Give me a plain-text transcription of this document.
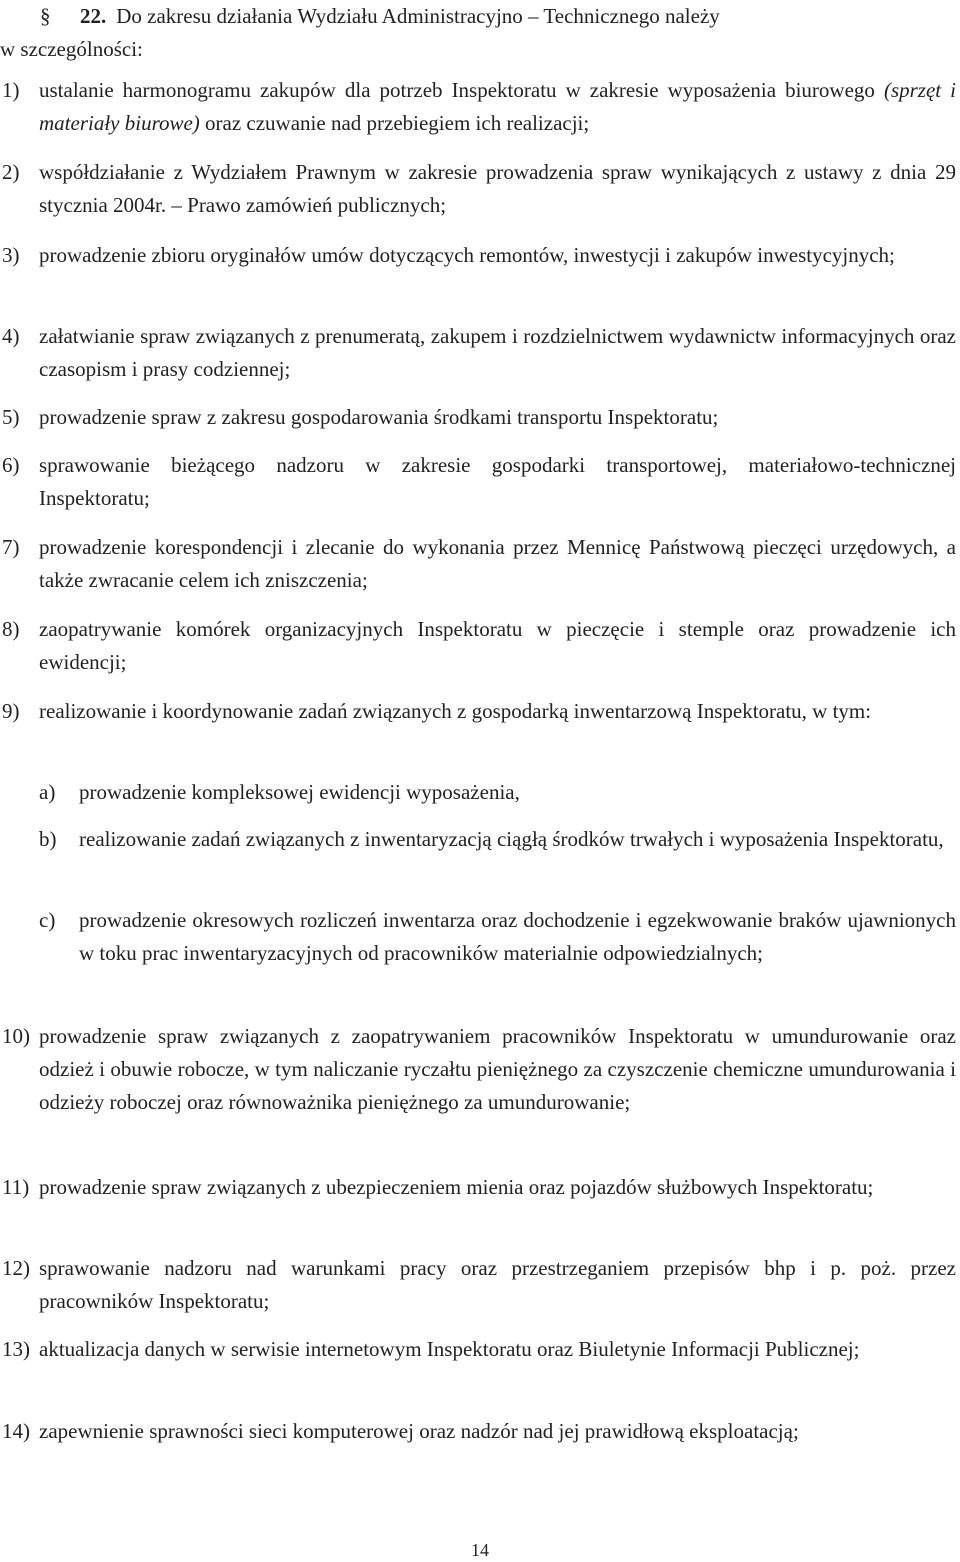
§ 22. Do zakresu działania Wydziału Administracyjno – Technicznego należy
w szczególności:
1) ustalanie harmonogramu zakupów dla potrzeb Inspektoratu w zakresie wyposażenia biurowego (sprzęt i materiały biurowe) oraz czuwanie nad przebiegiem ich realizacji;
2) współdziałanie z Wydziałem Prawnym w zakresie prowadzenia spraw wynikających z ustawy z dnia 29 stycznia 2004r. – Prawo zamówień publicznych;
3) prowadzenie zbioru oryginałów umów dotyczących remontów, inwestycji i zakupów inwestycyjnych;
4) załatwianie spraw związanych z prenumeratą, zakupem i rozdzielnictwem wydawnictw informacyjnych oraz czasopism i prasy codziennej;
5) prowadzenie spraw z zakresu gospodarowania środkami transportu Inspektoratu;
6) sprawowanie bieżącego nadzoru w zakresie gospodarki transportowej, materiałowo-technicznej Inspektoratu;
7) prowadzenie korespondencji i zlecanie do wykonania przez Mennicę Państwową pieczęci urzędowych, a także zwracanie celem ich zniszczenia;
8) zaopatrywanie komórek organizacyjnych Inspektoratu w pieczęcie i stemple oraz prowadzenie ich ewidencji;
9) realizowanie i koordynowanie zadań związanych z gospodarką inwentarzową Inspektoratu, w tym:
a) prowadzenie kompleksowej ewidencji wyposażenia,
b) realizowanie zadań związanych z inwentaryzacją ciągłą środków trwałych i wyposażenia Inspektoratu,
c) prowadzenie okresowych rozliczeń inwentarza oraz dochodzenie i egzekwowanie braków ujawnionych w toku prac inwentaryzacyjnych od pracowników materialnie odpowiedzialnych;
10) prowadzenie spraw związanych z zaopatrywaniem pracowników Inspektoratu w umundurowanie oraz odzież i obuwie robocze, w tym naliczanie ryczałtu pieniężnego za czyszczenie chemiczne umundurowania i odzieży roboczej oraz równoważnika pieniężnego za umundurowanie;
11) prowadzenie spraw związanych z ubezpieczeniem mienia oraz pojazdów służbowych Inspektoratu;
12) sprawowanie nadzoru nad warunkami pracy oraz przestrzeganiem przepisów bhp i p. poż. przez pracowników Inspektoratu;
13) aktualizacja danych w serwisie internetowym Inspektoratu oraz Biuletynie Informacji Publicznej;
14) zapewnienie sprawności sieci komputerowej oraz nadzór nad jej prawidłową eksploatacją;
14
